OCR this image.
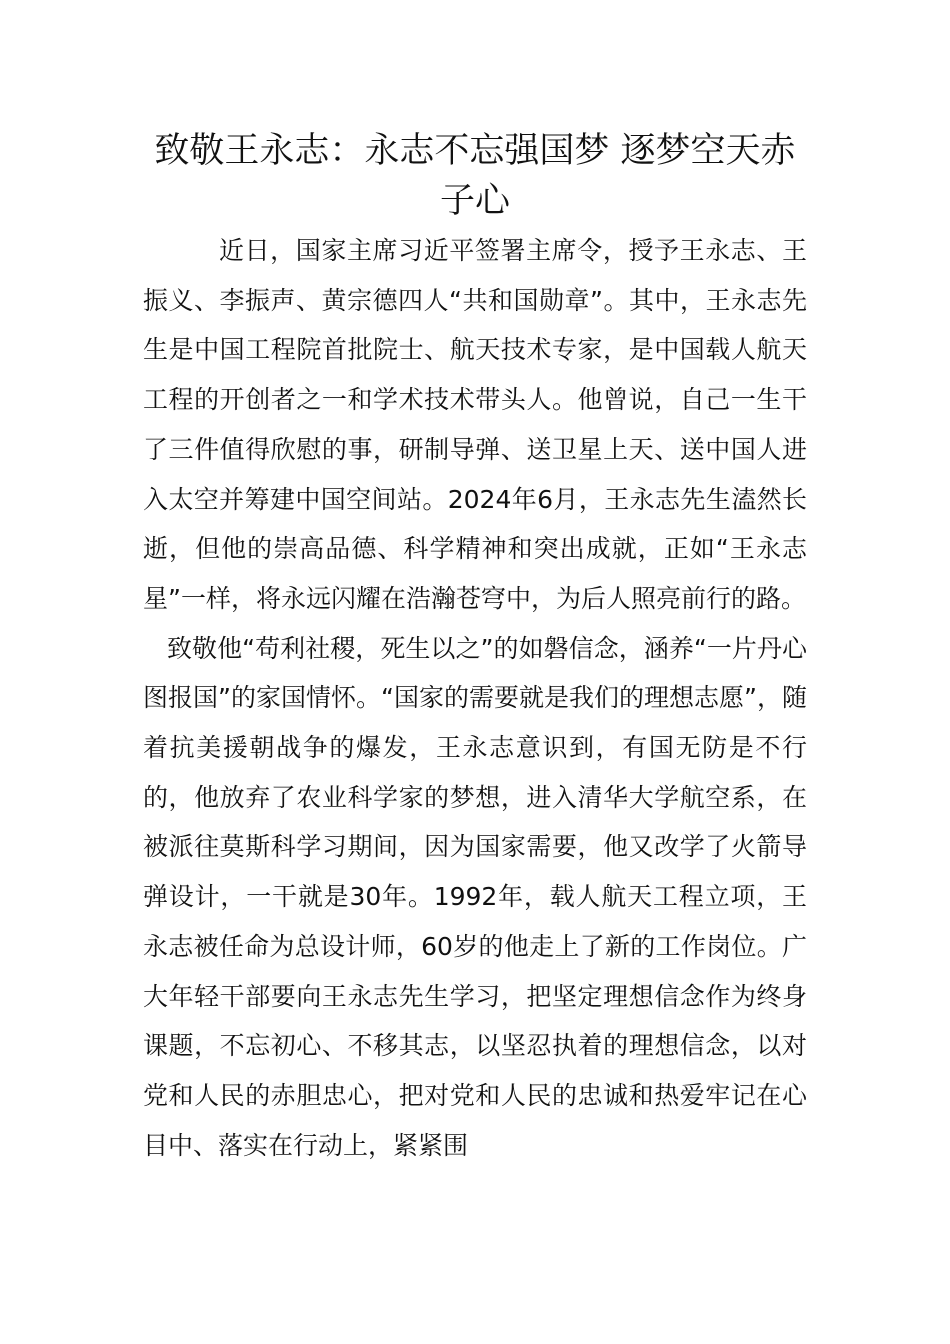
致敬王永志：永志不忘强国梦 逐梦空天赤子心

近日，国家主席习近平签署主席令，授予王永志、王振义、李振声、黄宗德四人“共和国勋章”。其中，王永志先生是中国工程院首批院士、航天技术专家，是中国载人航天工程的开创者之一和学术技术带头人。他曾说，自己一生干了三件值得欣慰的事，研制导弹、送卫星上天、送中国人进入太空并筹建中国空间站。2024年6月，王永志先生溘然长逝，但他的崇高品德、科学精神和突出成就，正如“王永志星”一样，将永远闪耀在浩瀚苍穹中，为后人照亮前行的路。

致敬他“苟利社稷，死生以之”的如磐信念，涵养“一片丹心图报国”的家国情怀。“国家的需要就是我们的理想志愿”，随着抗美援朝战争的爆发，王永志意识到，有国无防是不行的，他放弃了农业科学家的梦想，进入清华大学航空系，在被派往莫斯科学习期间，因为国家需要，他又改学了火箭导弹设计，一干就是30年。1992年，载人航天工程立项，王永志被任命为总设计师，60岁的他走上了新的工作岗位。广大年轻干部要向王永志先生学习，把坚定理想信念作为终身课题，不忘初心、不移其志，以坚忍执着的理想信念，以对党和人民的赤胆忠心，把对党和人民的忠诚和热爱牢记在心目中、落实在行动上，紧紧围
